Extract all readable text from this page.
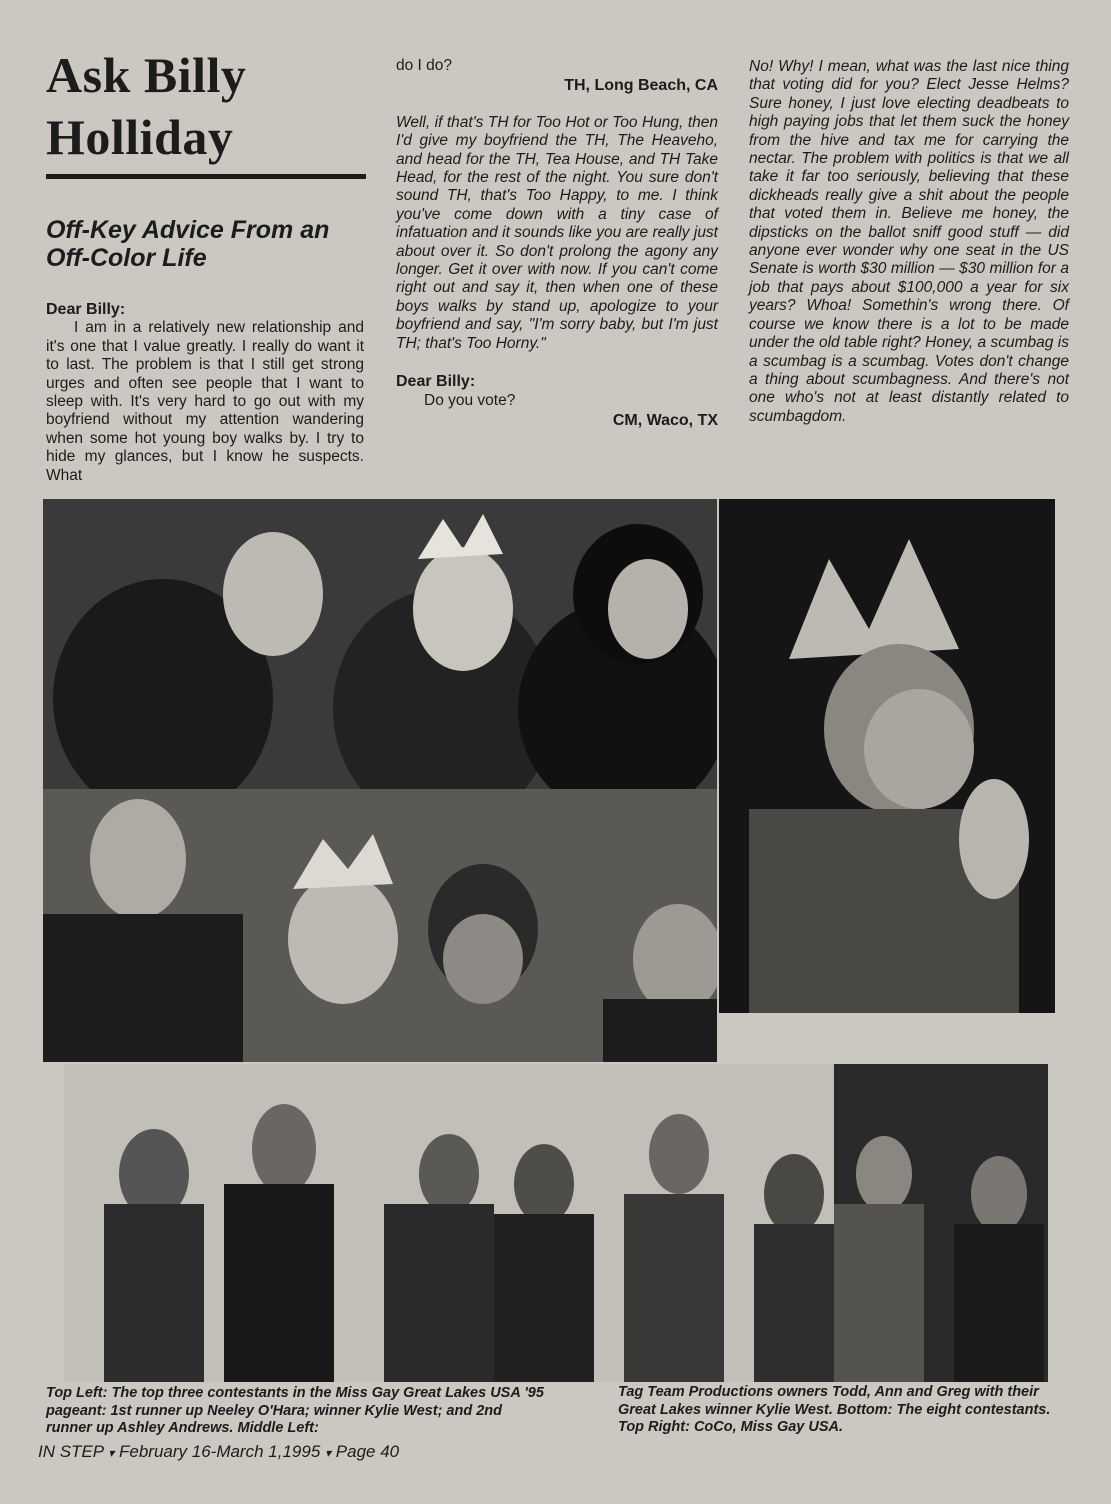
Ask Billy
Holliday
Off-Key Advice From an Off-Color Life
Dear Billy:

I am in a relatively new relationship and it's one that I value greatly. I really do want it to last. The problem is that I still get strong urges and often see people that I want to sleep with. It's very hard to go out with my boyfriend without my attention wandering when some hot young boy walks by. I try to hide my glances, but I know he suspects. What

do I do?

TH, Long Beach, CA

Well, if that's TH for Too Hot or Too Hung, then I'd give my boyfriend the TH, The Heaveho, and head for the TH, Tea House, and TH Take Head, for the rest of the night. You sure don't sound TH, that's Too Happy, to me. I think you've come down with a tiny case of infatuation and it sounds like you are really just about over it. So don't prolong the agony any longer. Get it over with now. If you can't come right out and say it, then when one of these boys walks by stand up, apologize to your boyfriend and say, "I'm sorry baby, but I'm just TH; that's Too Horny."

Dear Billy:

Do you vote?

CM, Waco, TX

No! Why! I mean, what was the last nice thing that voting did for you? Elect Jesse Helms? Sure honey, I just love electing deadbeats to high paying jobs that let them suck the honey from the hive and tax me for carrying the nectar. The problem with politics is that we all take it far too seriously, believing that these dickheads really give a shit about the people that voted them in. Believe me honey, the dipsticks on the ballot sniff good stuff — did anyone ever wonder why one seat in the US Senate is worth $30 million — $30 million for a job that pays about $100,000 a year for six years? Whoa! Somethin's wrong there. Of course we know there is a lot to be made under the old table right? Honey, a scumbag is a scumbag is a scumbag. Votes don't change a thing about scumbagness. And there's not one who's not at least distantly related to scumbagdom.

Top Left: The top three contestants in the Miss Gay Great Lakes USA '95 pageant: 1st runner up Neeley O'Hara; winner Kylie West; and 2nd runner up Ashley Andrews. Middle Left:
Tag Team Productions owners Todd, Ann and Greg with their Great Lakes winner Kylie West. Bottom: The eight contestants. Top Right: CoCo, Miss Gay USA.
IN STEP ▾ February 16-March 1,1995 ▾ Page 40
